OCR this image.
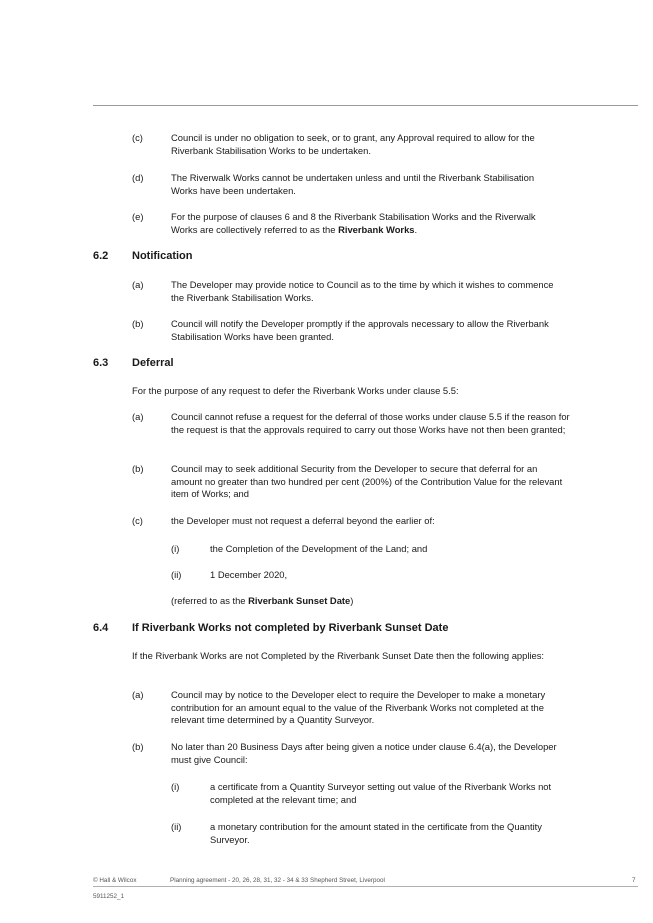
(c)	Council is under no obligation to seek, or to grant, any Approval required to allow for the Riverbank Stabilisation Works to be undertaken.
(d)	The Riverwalk Works cannot be undertaken unless and until the Riverbank Stabilisation Works have been undertaken.
(e)	For the purpose of clauses 6 and 8 the Riverbank Stabilisation Works and the Riverwalk Works are collectively referred to as the Riverbank Works.
6.2 Notification
(a)	The Developer may provide notice to Council as to the time by which it wishes to commence the Riverbank Stabilisation Works.
(b)	Council will notify the Developer promptly if the approvals necessary to allow the Riverbank Stabilisation Works have been granted.
6.3 Deferral
For the purpose of any request to defer the Riverbank Works under clause 5.5:
(a)	Council cannot refuse a request for the deferral of those works under clause 5.5 if the reason for the request is that the approvals required to carry out those Works have not then been granted;
(b)	Council may to seek additional Security from the Developer to secure that deferral for an amount no greater than two hundred per cent (200%) of the Contribution Value for the relevant item of Works; and
(c)	the Developer must not request a deferral beyond the earlier of:
(i)	the Completion of the Development of the Land; and
(ii)	1 December 2020,
(referred to as the Riverbank Sunset Date)
6.4 If Riverbank Works not completed by Riverbank Sunset Date
If the Riverbank Works are not Completed by the Riverbank Sunset Date then the following applies:
(a)	Council may by notice to the Developer elect to require the Developer to make a monetary contribution for an amount equal to the value of the Riverbank Works not completed at the relevant time determined by a Quantity Surveyor.
(b)	No later than 20 Business Days after being given a notice under clause 6.4(a), the Developer must give Council:
(i)	a certificate from a Quantity Surveyor setting out value of the Riverbank Works not completed at the relevant time; and
(ii)	a monetary contribution for the amount stated in the certificate from the Quantity Surveyor.
© Hall & Wilcox	Planning agreement - 20, 26, 28, 31, 32 - 34 & 33 Shepherd Street, Liverpool	7
5911252_1
